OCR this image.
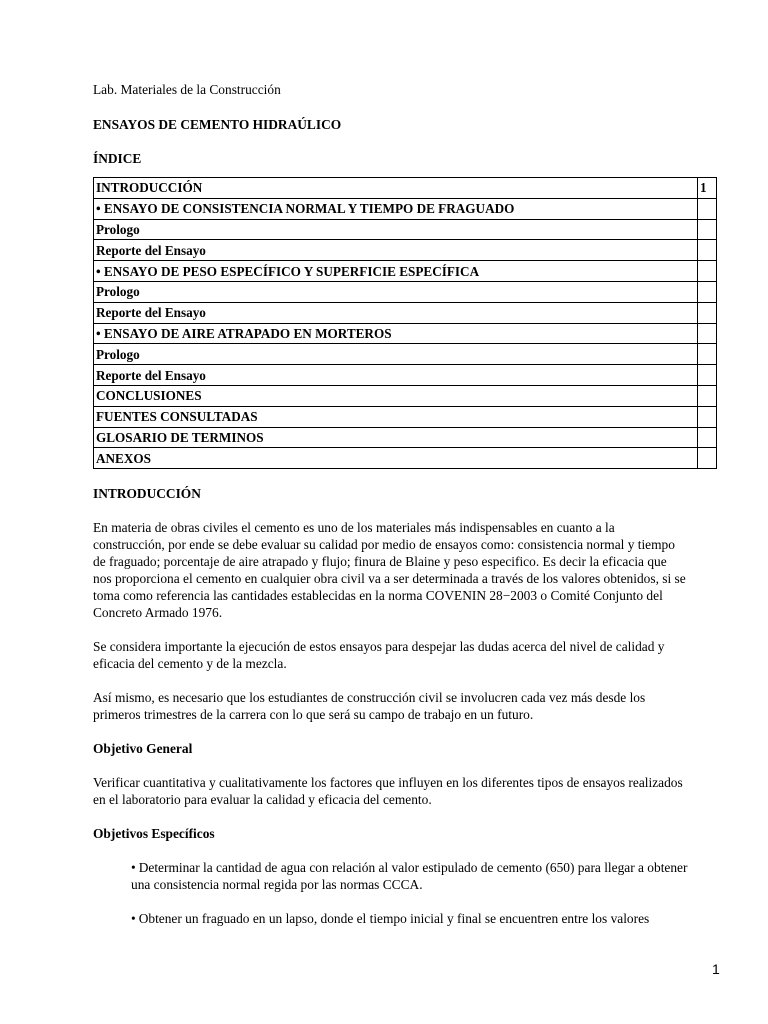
Lab. Materiales de la Construcción

ENSAYOS DE CEMENTO HIDRAÚLICO

ÍNDICE

INTRODUCCIÓN	1
• ENSAYO DE CONSISTENCIA NORMAL Y TIEMPO DE FRAGUADO	
Prologo	
Reporte del Ensayo	
• ENSAYO DE PESO ESPECÍFICO Y SUPERFICIE ESPECÍFICA	
Prologo	
Reporte del Ensayo	
• ENSAYO DE AIRE ATRAPADO EN MORTEROS	
Prologo	
Reporte del Ensayo	
CONCLUSIONES	
FUENTES CONSULTADAS	
GLOSARIO DE TERMINOS	
ANEXOS	

INTRODUCCIÓN

En materia de obras civiles el cemento es uno de los materiales más indispensables en cuanto a la
construcción, por ende se debe evaluar su calidad por medio de ensayos como: consistencia normal y tiempo
de fraguado; porcentaje de aire atrapado y flujo; finura de Blaine y peso especifico. Es decir la eficacia que
nos proporciona el cemento en cualquier obra civil va a ser determinada a través de los valores obtenidos, si se
toma como referencia las cantidades establecidas en la norma COVENIN 28−2003 o Comité Conjunto del
Concreto Armado 1976.

Se considera importante la ejecución de estos ensayos para despejar las dudas acerca del nivel de calidad y
eficacia del cemento y de la mezcla.

Así mismo, es necesario que los estudiantes de construcción civil se involucren cada vez más desde los
primeros trimestres de la carrera con lo que será su campo de trabajo en un futuro.

Objetivo General

Verificar cuantitativa y cualitativamente los factores que influyen en los diferentes tipos de ensayos realizados
en el laboratorio para evaluar la calidad y eficacia del cemento.

Objetivos Específicos

• Determinar la cantidad de agua con relación al valor estipulado de cemento (650) para llegar a obtener
una consistencia normal regida por las normas CCCA.
• Obtener un fraguado en un lapso, donde el tiempo inicial y final se encuentren entre los valores
1
